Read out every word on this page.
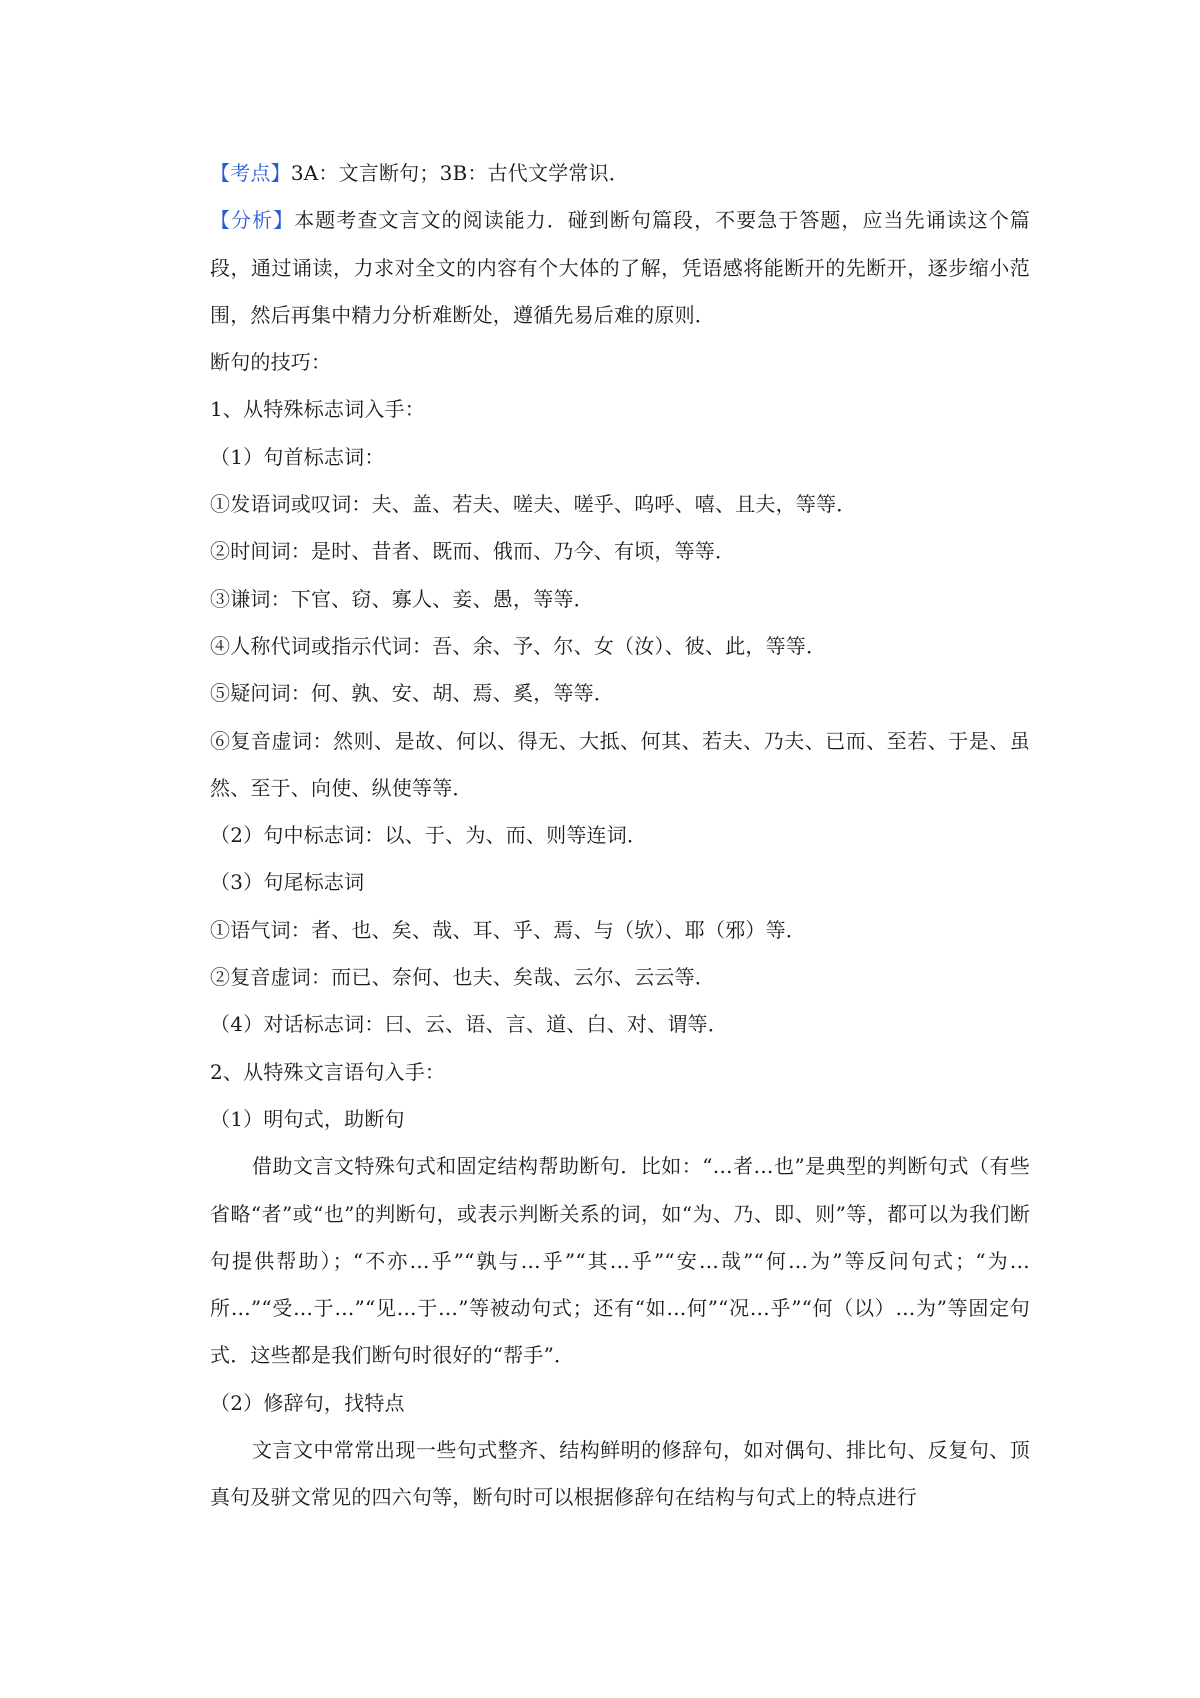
【考点】3A：文言断句；3B：古代文学常识．
【分析】本题考查文言文的阅读能力．碰到断句篇段，不要急于答题，应当先诵读这个篇段，通过诵读，力求对全文的内容有个大体的了解，凭语感将能断开的先断开，逐步缩小范围，然后再集中精力分析难断处，遵循先易后难的原则．
断句的技巧：
1、从特殊标志词入手：
（1）句首标志词：
①发语词或叹词：夫、盖、若夫、嗟夫、嗟乎、呜呼、嘻、且夫，等等．
②时间词：是时、昔者、既而、俄而、乃今、有顷，等等．
③谦词：下官、窃、寡人、妾、愚，等等．
④人称代词或指示代词：吾、余、予、尔、女（汝）、彼、此，等等．
⑤疑问词：何、孰、安、胡、焉、奚，等等．
⑥复音虚词：然则、是故、何以、得无、大抵、何其、若夫、乃夫、已而、至若、于是、虽然、至于、向使、纵使等等．
（2）句中标志词：以、于、为、而、则等连词．
（3）句尾标志词
①语气词：者、也、矣、哉、耳、乎、焉、与（欤）、耶（邪）等．
②复音虚词：而已、奈何、也夫、矣哉、云尔、云云等．
（4）对话标志词：曰、云、语、言、道、白、对、谓等．
2、从特殊文言语句入手：
（1）明句式，助断句
借助文言文特殊句式和固定结构帮助断句．比如：“…者…也”是典型的判断句式（有些省略“者”或“也”的判断句，或表示判断关系的词，如“为、乃、即、则”等，都可以为我们断句提供帮助）；“不亦…乎”“孰与…乎”“其…乎”“安…哉”“何…为”等反问句式；“为…所…”“受…于…”“见…于…”等被动句式；还有“如…何”“况…乎”“何（以）…为”等固定句式．这些都是我们断句时很好的“帮手”．
（2）修辞句，找特点
文言文中常常出现一些句式整齐、结构鲜明的修辞句，如对偶句、排比句、反复句、顶真句及骈文常见的四六句等，断句时可以根据修辞句在结构与句式上的特点进行
